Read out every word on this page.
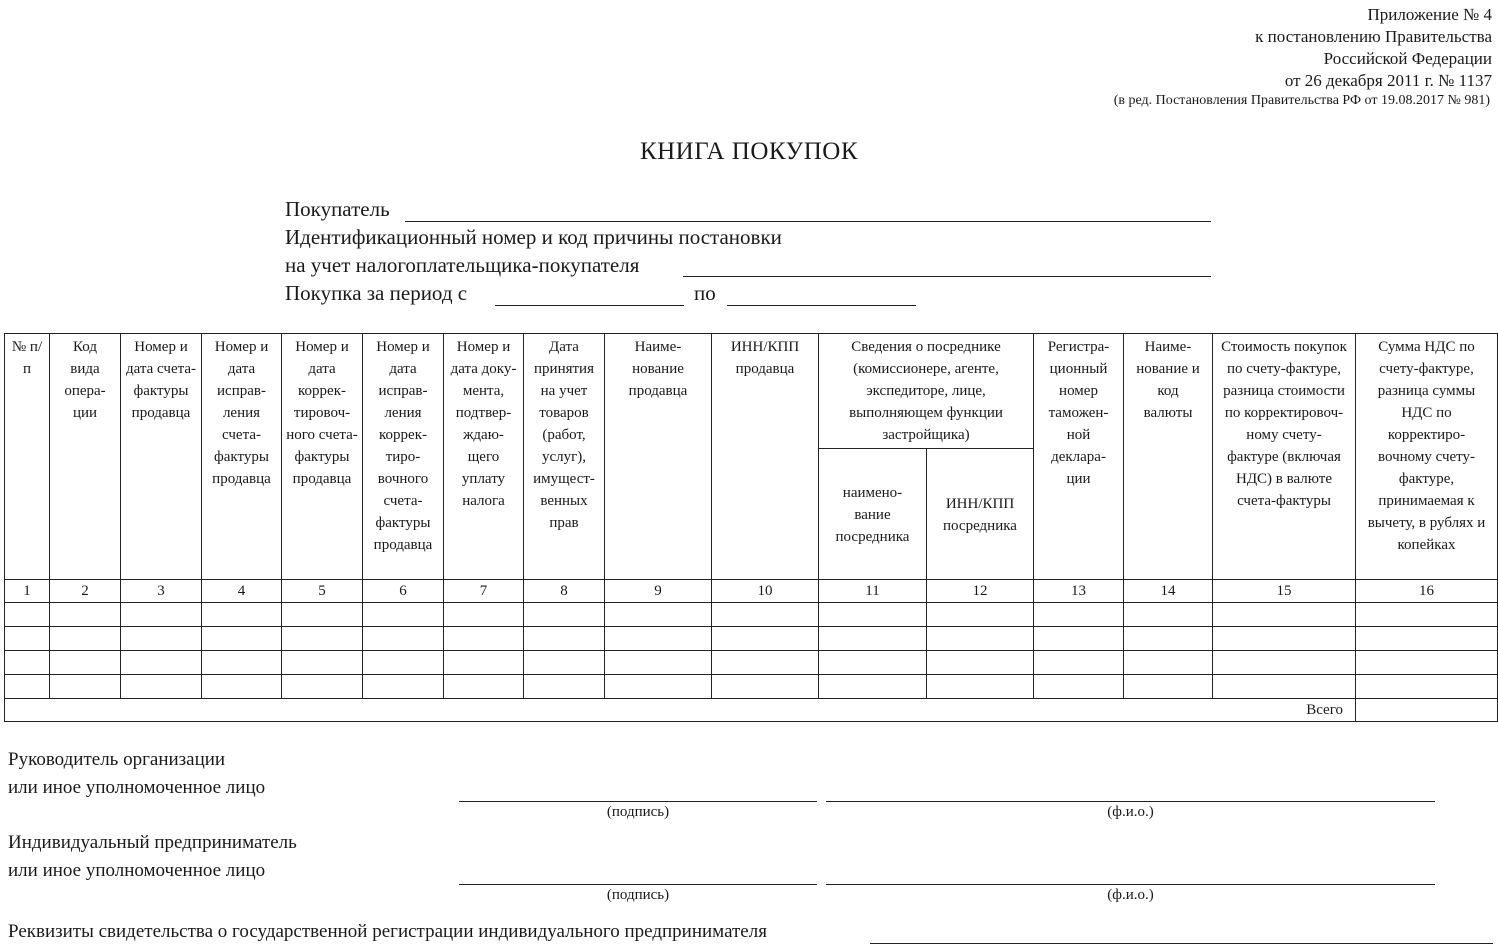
Приложение № 4
к постановлению Правительства
Российской Федерации
от 26 декабря 2011 г. № 1137
(в ред. Постановления Правительства РФ от 19.08.2017 № 981)
КНИГА ПОКУПОК
Покупатель
Идентификационный номер и код причины постановки
на учет налогоплательщика-покупателя
Покупка за период с	по
№ п/п	Код вида опера-ции	Номер и дата счета-фактуры продавца	Номер и дата исправ-ления счета-фактуры продавца	Номер и дата коррек-тировоч-ного счета-фактуры продавца	Номер и дата исправ-ления коррек-тиро-вочного счета-фактуры продавца	Номер и дата доку-мента, подтвер-ждаю-щего уплату налога	Дата принятия на учет товаров (работ, услуг), имущест-венных прав	Наиме-нование продавца	ИНН/КПП продавца	Сведения о посреднике (комиссионере, агенте, экспедиторе, лице, выполняющем функции застройщика)		Регистра-ционный номер таможен-ной деклара-ции	Наиме-нование и код валюты	Стоимость покупок по счету-фактуре, разница стоимости по корректировоч-ному счету-фактуре (включая НДС) в валюте счета-фактуры	Сумма НДС по счету-фактуре, разница суммы НДС по корректиро-вочному счету-фактуре, принимаемая к вычету, в рублях и копейках
										наимено-вание посредника	ИНН/КПП посредника				
1	2	3	4	5	6	7	8	9	10	11	12	13	14	15	16

Всего															
Руководитель организации
или иное уполномоченное лицо
(подпись)	(ф.и.о.)
Индивидуальный предприниматель
или иное уполномоченное лицо
(подпись)	(ф.и.о.)
Реквизиты свидетельства о государственной регистрации индивидуального предпринимателя
